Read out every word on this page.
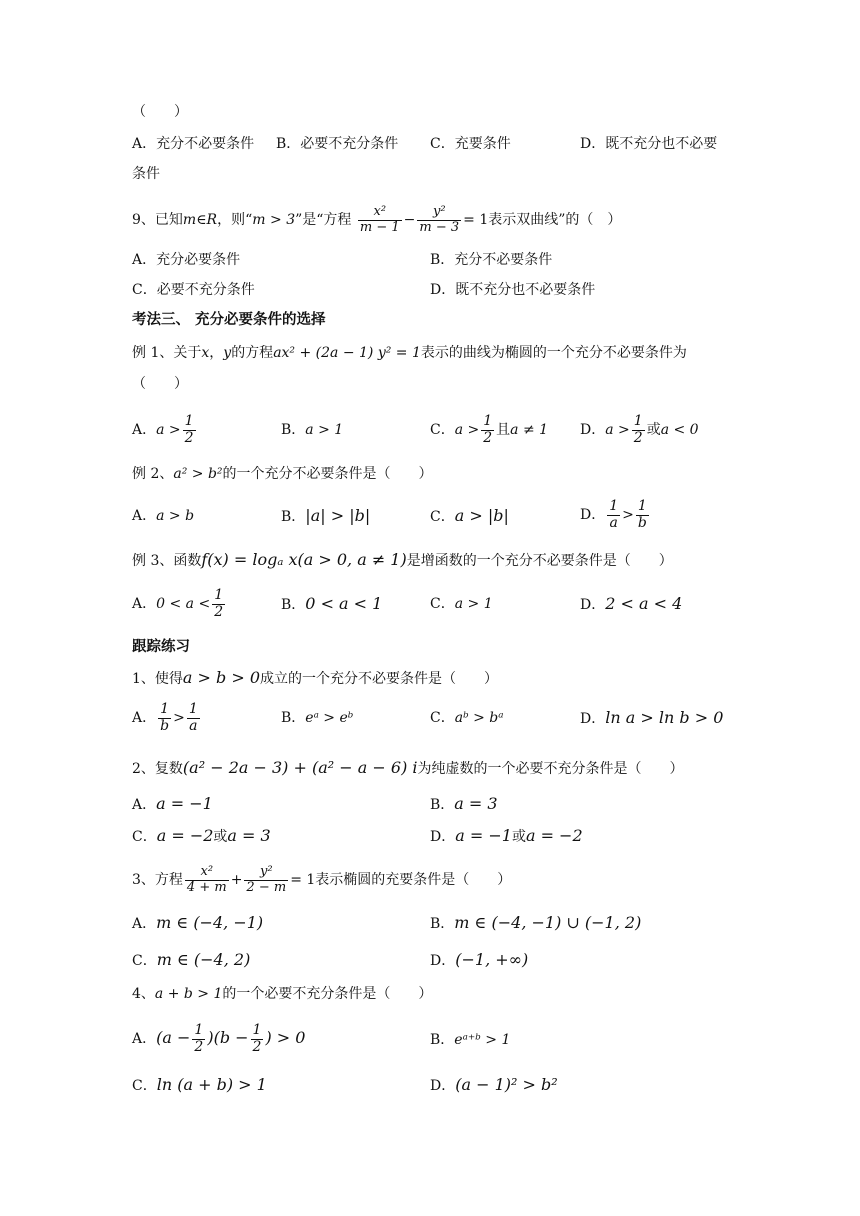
（　　）
A．充分不必要条件 B．必要不充分条件 C．充要条件	D．既不充分也不必要
条件
9、已知m∈R，则“m > 3”是“方程 $\frac{\text{x²}}{m - 1} - \frac{\text{y²}}{m - 3} = 1$表示双曲线”的（　）
A．充分必要条件	B．充分不必要条件
C．必要不充分条件	D．既不充分也不必要条件
考法三、 充分必要条件的选择
例 1、关于x，y的方程ax² + (2a − 1) y² = 1表示的曲线为椭圆的一个充分不必要条件为
（　　）
A．$a > \frac{1}{2}$	B．a > 1	C．$a > \frac{1}{2}$ 且a ≠ 1 D．$a > \frac{1}{2}$ 或a < 0
例 2、a² > b²的一个充分不必要条件是（　　）
A．a > b	B．|a| > |b|	C．a > |b|	D． $\frac{1}{a} > \frac{1}{b}$
例 3、函数f(x) = logₐ x(a > 0, a ≠ 1)是增函数的一个充分不必要条件是（　　）
A．$0 < a < \frac{1}{2}$	B．0 < a < 1	C．a > 1	D．2 < a < 4
跟踪练习
1、使得a > b > 0成立的一个充分不必要条件是（　　）
A． $\frac{1}{b} > \frac{1}{a}$	B．eᵃ > eᵇ	C．aᵇ > bᵃ	D．ln a > ln b > 0
2、复数(a² − 2a − 3) + (a² − a − 6) i为纯虚数的一个必要不充分条件是（　　）
A．a = −1	B．a = 3
C．a = −2或a = 3	D．a = −1或a = −2
3、方程 $\frac{\text{x²}}{4 + m} + \frac{\text{y²}}{2 - m} = 1$表示椭圆的充要条件是（　　）
A．m ∈ (−4, −1)	B．m ∈ (−4, −1) ∪ (−1, 2)
C．m ∈ (−4, 2)	D．(−1, +∞)
4、a + b > 1的一个必要不充分条件是（　　）
A．$(a - \frac{1}{2} )(b - \frac{1}{2}$ ) > 0	B．eᵃ⁺ᵇ > 1
C．ln (a + b) > 1	D．(a − 1)² > b²
